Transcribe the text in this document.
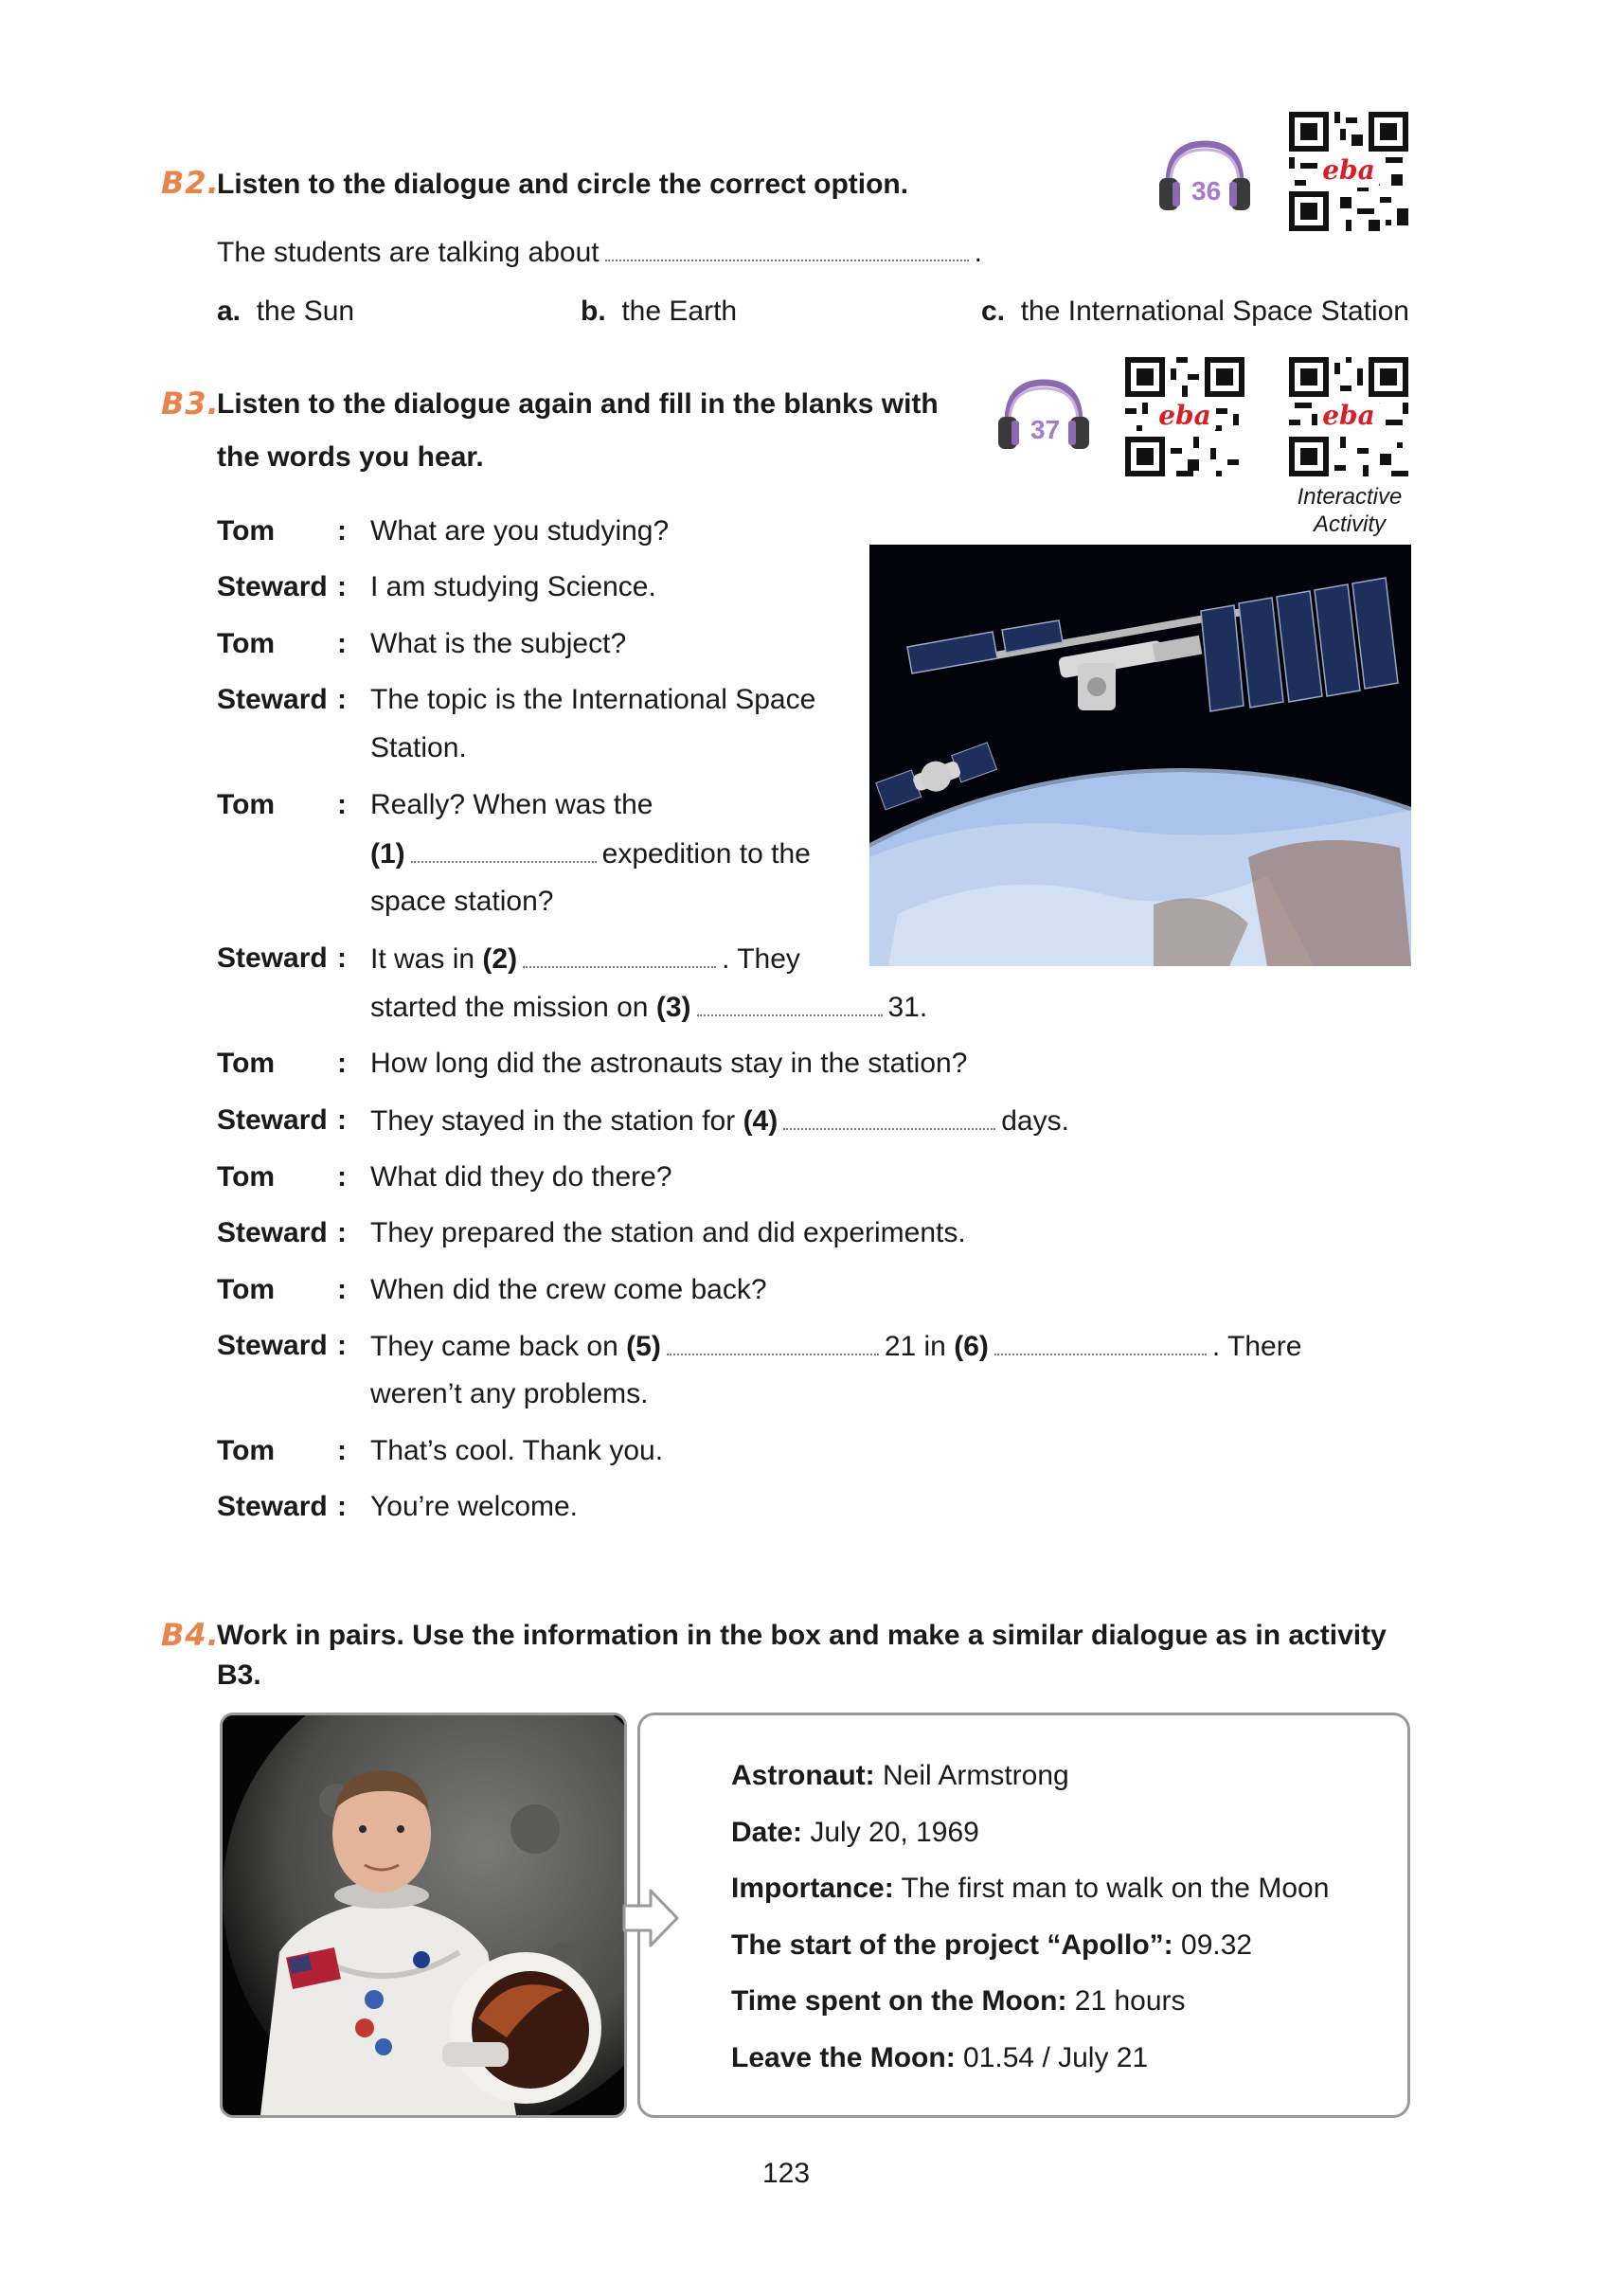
B2.
Listen to the dialogue and circle the correct option.	36
eba
The students are talking about	.
a. the Sun	b. the Earth	c. the International Space Station
B3.
Listen to the dialogue again and fill in the blanks with
the words you hear.
37	eba	eba
Interactive
Activity
Tom	: What are you studying?
Steward : I am studying Science.
Tom	: What is the subject?
Steward : The topic is the International Space
Station.
Tom	: Really? When was the
(1)	expedition to the
space station?
Steward : It was in (2)	. They
started the mission on (3)	31.
Tom	: How long did the astronauts stay in the station?
Steward : They stayed in the station for (4)	days.
Tom	: What did they do there?
Steward : They prepared the station and did experiments.
Tom	: When did the crew come back?
Steward : They came back on (5)	21 in (6)	. There
weren’t any problems.
Tom	: That’s cool. Thank you.
Steward : You’re welcome.
B4.
Work in pairs. Use the information in the box and make a similar dialogue as in activity
B3.
Astronaut: Neil Armstrong
Date: July 20, 1969
Importance: The first man to walk on the Moon
The start of the project “Apollo”: 09.32
Time spent on the Moon: 21 hours
Leave the Moon: 01.54 / July 21
123
